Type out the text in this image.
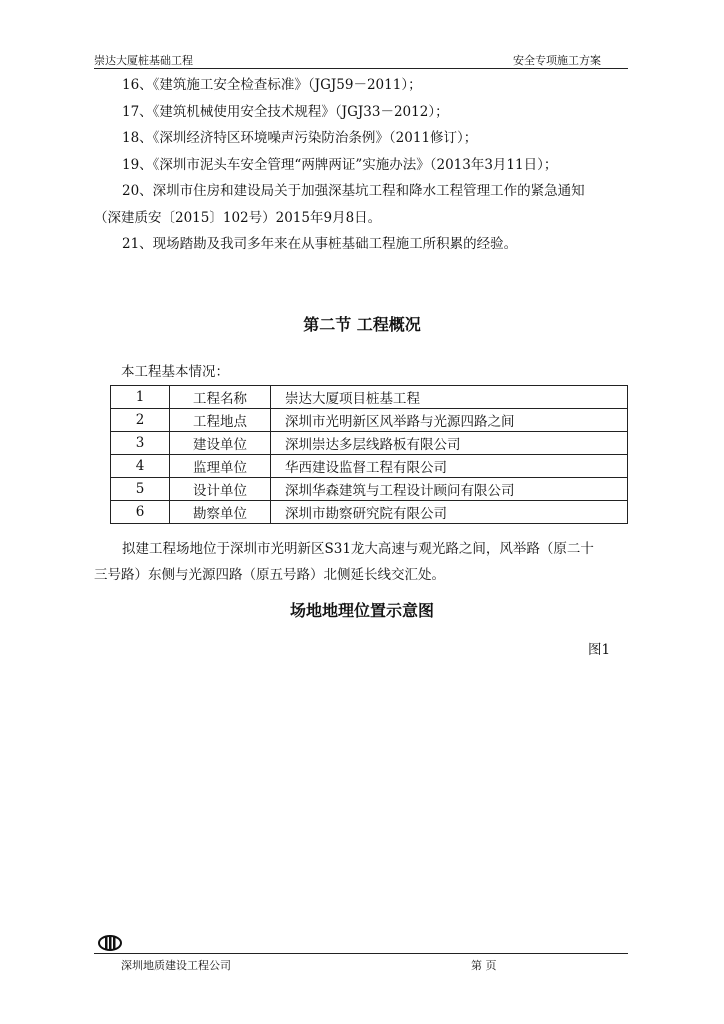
崇达大厦桩基础工程	安全专项施工方案
16、《建筑施工安全检查标准》（JGJ59－2011）；
17、《建筑机械使用安全技术规程》（JGJ33－2012）；
18、《深圳经济特区环境噪声污染防治条例》（2011修订）；
19、《深圳市泥头车安全管理“两牌两证”实施办法》（2013年3月11日）；
20、深圳市住房和建设局关于加强深基坑工程和降水工程管理工作的紧急通知
（深建质安〔2015〕102号）2015年9月8日。
21、现场踏勘及我司多年来在从事桩基础工程施工所积累的经验。
第二节 工程概况
本工程基本情况：
1	工程名称	崇达大厦项目桩基工程
2	工程地点	深圳市光明新区风举路与光源四路之间
3	建设单位	深圳崇达多层线路板有限公司
4	监理单位	华西建设监督工程有限公司
5	设计单位	深圳华森建筑与工程设计顾问有限公司
6	勘察单位	深圳市勘察研究院有限公司
拟建工程场地位于深圳市光明新区S31龙大高速与观光路之间，风举路（原二十
三号路）东侧与光源四路（原五号路）北侧延长线交汇处。
场地地理位置示意图
图1
深圳地质建设工程公司	第 页
